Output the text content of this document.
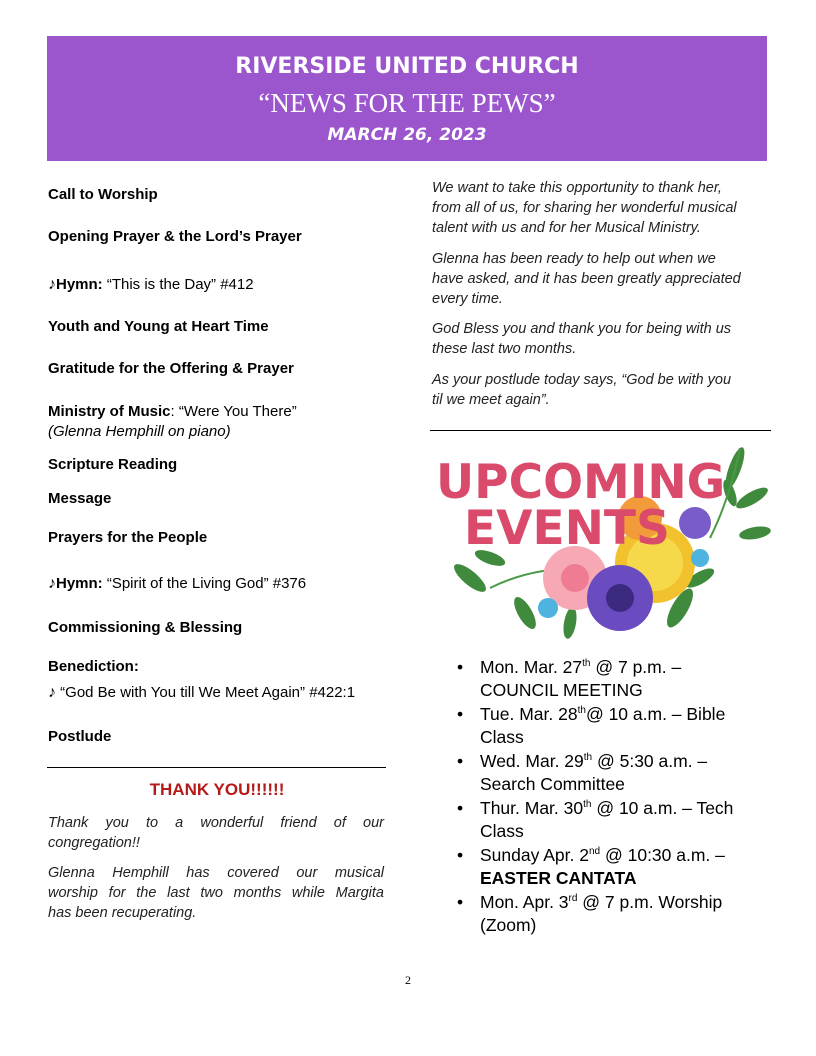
RIVERSIDE UNITED CHURCH
“NEWS FOR THE PEWS”
MARCH 26, 2023
Call to Worship
Opening Prayer & the Lord’s Prayer
♪Hymn: “This is the Day” #412
Youth and Young at Heart Time
Gratitude for the Offering & Prayer
Ministry of Music: “Were You There”
(Glenna Hemphill on piano)
Scripture Reading
Message
Prayers for the People
♪Hymn: “Spirit of the Living God” #376
Commissioning & Blessing
Benediction:
♪ “God Be with You till We Meet Again” #422:1
Postlude
THANK YOU!!!!!!
Thank you to a wonderful friend of our
congregation!!
Glenna Hemphill has covered our musical
worship for the last two months while Margita
has been recuperating.
We want to take this opportunity to thank her,
from all of us, for sharing her wonderful musical
talent with us and for her Musical Ministry.
Glenna has been ready to help out when we
have asked, and it has been greatly appreciated
every time.
God Bless you and thank you for being with us
these last two months.
As your postlude today says, “God be with you
til we meet again”.
UPCOMING
EVENTS
• Mon. Mar. 27th @ 7 p.m. –
COUNCIL MEETING
• Tue. Mar. 28th@ 10 a.m. – Bible
Class
• Wed. Mar. 29th @ 5:30 a.m. –
Search Committee
• Thur. Mar. 30th @ 10 a.m. – Tech
Class
• Sunday Apr. 2nd @ 10:30 a.m. –
EASTER CANTATA
• Mon. Apr. 3rd @ 7 p.m. Worship
(Zoom)
2
